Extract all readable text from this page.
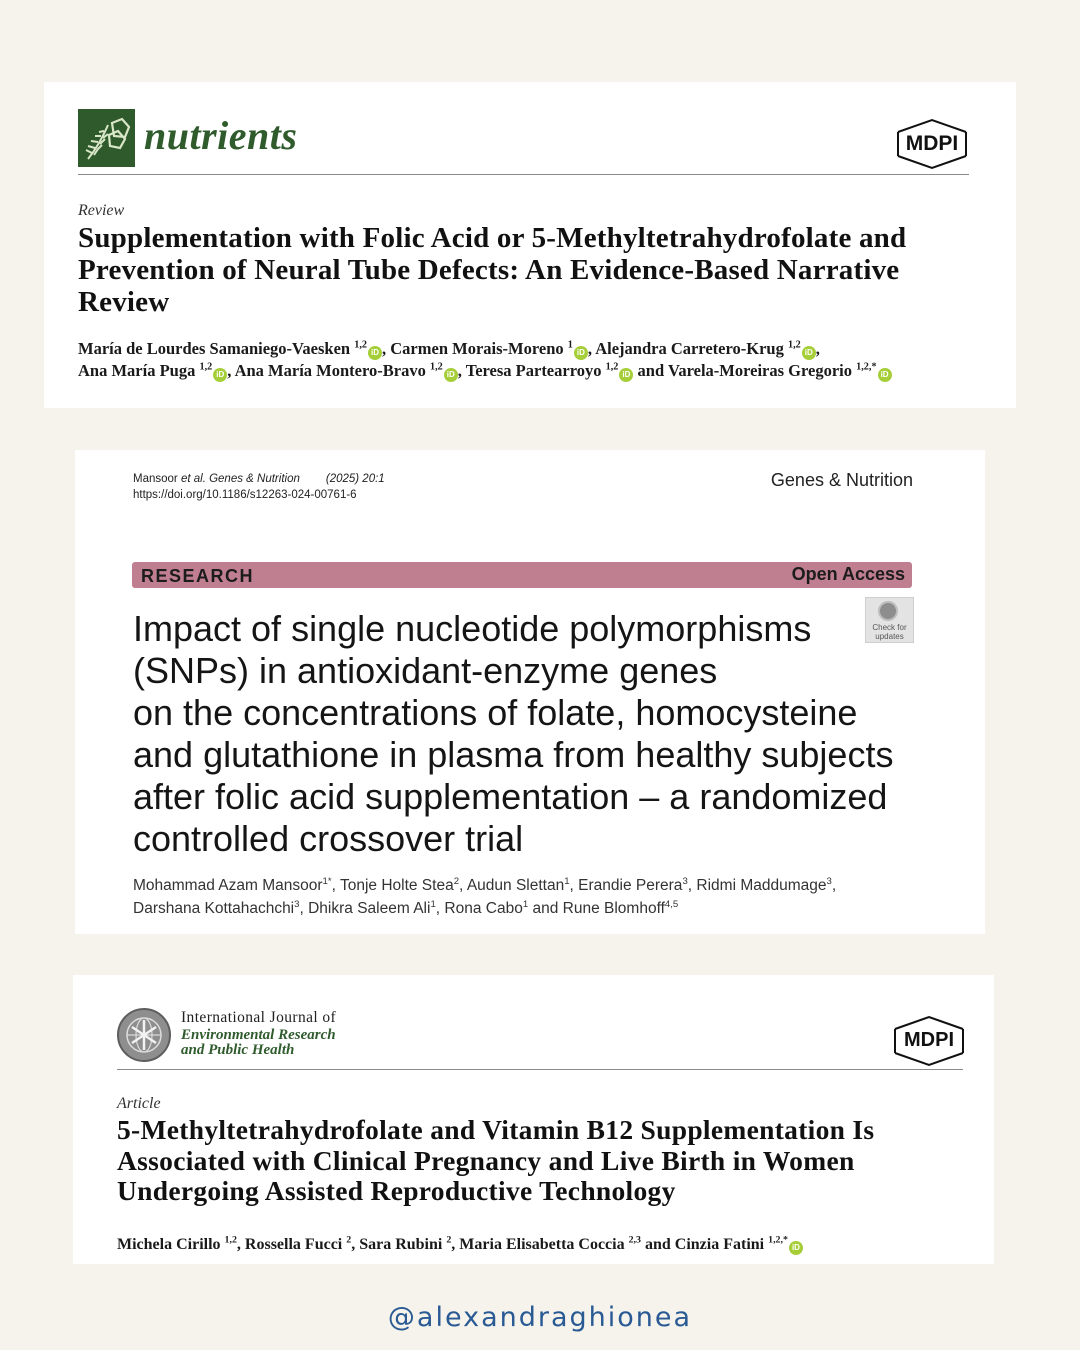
nutrients	MDPI
Review
Supplementation with Folic Acid or 5-Methyltetrahydrofolate and Prevention of Neural Tube Defects: An Evidence-Based Narrative Review
María de Lourdes Samaniego-Vaesken $^{1,2}$iD , Carmen Morais-Moreno $^1$iD , Alejandra Carretero-Krug $^{1,2}$iD ,
Ana María Puga $^{1,2}$iD , Ana María Montero-Bravo $^{1,2}$iD , Teresa Partearroyo $^{1,2}$iD and Varela-Moreiras Gregorio $^{1,2,*}$iD
Mansoor et al. Genes & Nutrition (2025) 20:1
https://doi.org/10.1186/s12263-024-00761-6
Genes & Nutrition
RESEARCH	Open Access
Check for
updates
Impact of single nucleotide polymorphisms
(SNPs) in antioxidant-enzyme genes
on the concentrations of folate, homocysteine
and glutathione in plasma from healthy subjects
after folic acid supplementation – a randomized
controlled crossover trial
Mohammad Azam Mansoor$^{1*}$, Tonje Holte Stea$^2$, Audun Slettan$^1$, Erandie Perera$^3$, Ridmi Maddumage$^3$,
Darshana Kottahachchi$^3$, Dhikra Saleem Ali$^1$, Rona Cabo$^1$ and Rune Blomhoff$^{4,5}$
International Journal of
Environmental Research
and Public Health	MDPI
Article
5-Methyltetrahydrofolate and Vitamin B12 Supplementation Is Associated with Clinical Pregnancy and Live Birth in Women Undergoing Assisted Reproductive Technology
Michela Cirillo $^{1,2}$, Rossella Fucci $^2$, Sara Rubini $^2$, Maria Elisabetta Coccia $^{2,3}$ and Cinzia Fatini $^{1,2,*}$iD
@alexandraghionea
